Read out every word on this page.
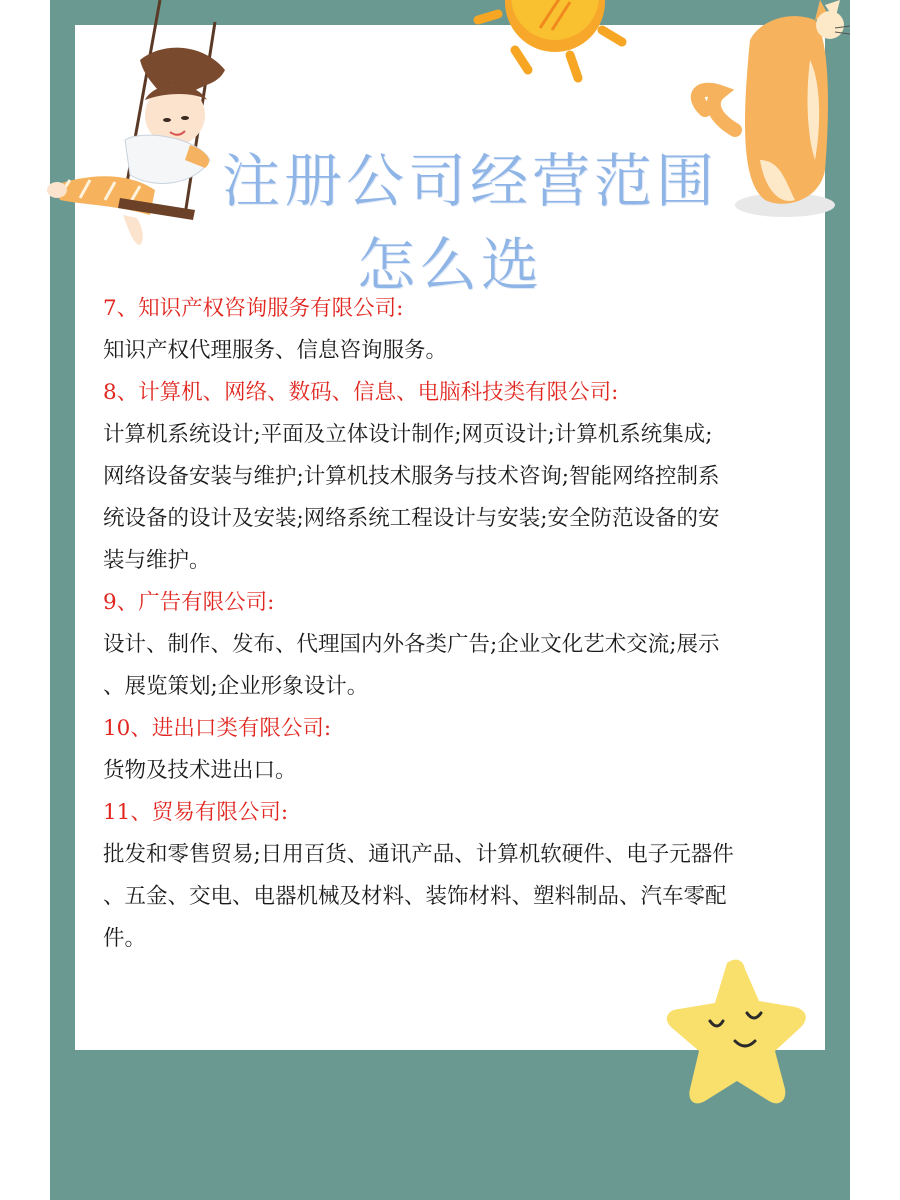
注册公司经营范围
怎么选
7、知识产权咨询服务有限公司:
知识产权代理服务、信息咨询服务。
8、计算机、网络、数码、信息、电脑科技类有限公司:
计算机系统设计;平面及立体设计制作;网页设计;计算机系统集成;
网络设备安装与维护;计算机技术服务与技术咨询;智能网络控制系
统设备的设计及安装;网络系统工程设计与安装;安全防范设备的安
装与维护。
9、广告有限公司:
设计、制作、发布、代理国内外各类广告;企业文化艺术交流;展示
、展览策划;企业形象设计。
10、进出口类有限公司:
货物及技术进出口。
11、贸易有限公司:
批发和零售贸易;日用百货、通讯产品、计算机软硬件、电子元器件
、五金、交电、电器机械及材料、装饰材料、塑料制品、汽车零配
件。
